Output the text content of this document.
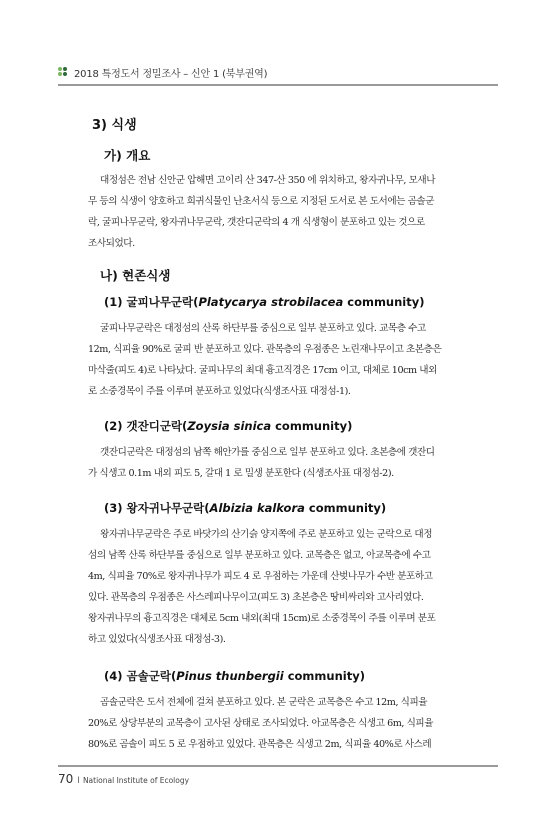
2018 특정도서 정밀조사 – 신안 1 (북부권역)
3) 식생
가) 개요
대정섬은 전남 신안군 압해면 고이리 산 347-산 350 에 위치하고, 왕자귀나무, 모새나
무 등의 식생이 양호하고 희귀식물인 난초서식 등으로 지정된 도서로 본 도서에는 곰솔군
락, 굴피나무군락, 왕자귀나무군락, 갯잔디군락의 4 개 식생형이 분포하고 있는 것으로
조사되었다.
나) 현존식생
(1) 굴피나무군락(Platycarya strobilacea community)
굴피나무군락은 대정섬의 산록 하단부를 중심으로 일부 분포하고 있다. 교목층 수고
12m, 식피율 90%로 굴피 반 분포하고 있다. 관목층의 우점종은 노린재나무이고 초본층은
마삭줄(피도 4)로 나타났다. 굴피나무의 최대 흉고직경은 17cm 이고, 대체로 10cm 내외
로 소중경목이 주를 이루며 분포하고 있었다(식생조사표 대정섬-1).
(2) 갯잔디군락(Zoysia sinica community)
갯잔디군락은 대정섬의 남쪽 해안가를 중심으로 일부 분포하고 있다. 초본층에 갯잔디
가 식생고 0.1m 내외 피도 5, 갈대 1 로 밀생 분포한다 (식생조사표 대정섬-2).
(3) 왕자귀나무군락(Albizia kalkora community)
왕자귀나무군락은 주로 바닷가의 산기슭 양지쪽에 주로 분포하고 있는 군락으로 대정
섬의 남쪽 산록 하단부를 중심으로 일부 분포하고 있다. 교목층은 없고, 아교목층에 수고
4m, 식피율 70%로 왕자귀나무가 피도 4 로 우점하는 가운데 산벚나무가 수반 분포하고
있다. 관목층의 우점종은 사스레피나무이고(피도 3) 초본층은 땅비싸리와 고사리였다.
왕자귀나무의 흉고직경은 대체로 5cm 내외(최대 15cm)로 소중경목이 주를 이루며 분포
하고 있었다(식생조사표 대정섬-3).
(4) 곰솔군락(Pinus thunbergii community)
곰솔군락은 도서 전체에 걸쳐 분포하고 있다. 본 군락은 교목층은 수고 12m, 식피율
20%로 상당부분의 교목층이 고사된 상태로 조사되었다. 아교목층은 식생고 6m, 식피율
80%로 곰솔이 피도 5 로 우점하고 있었다. 관목층은 식생고 2m, 식피율 40%로 사스레
70 I National Institute of Ecology
